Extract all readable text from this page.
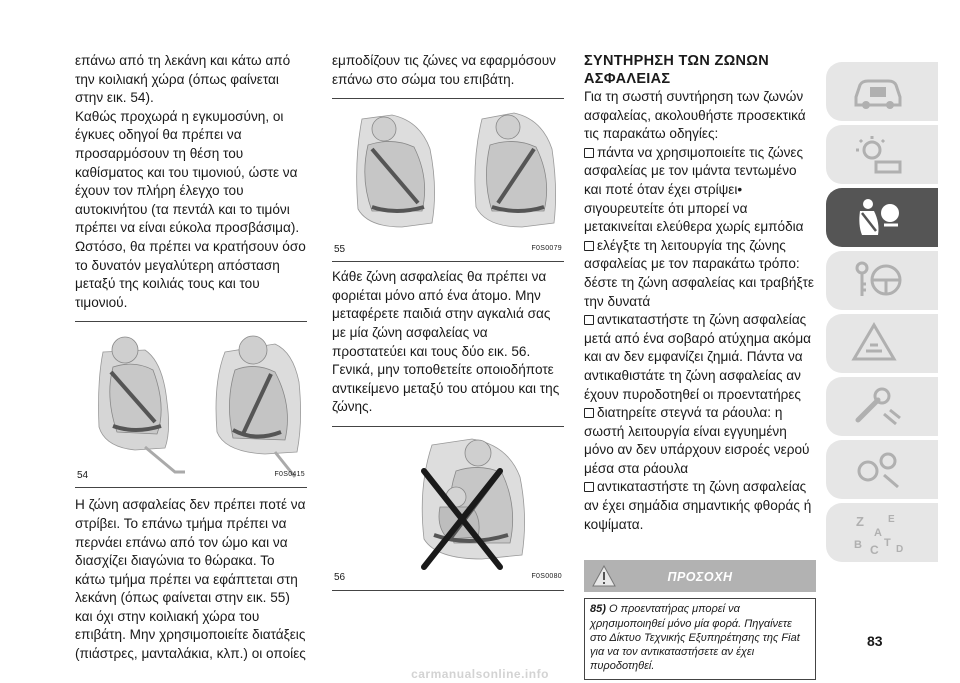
επάνω από τη λεκάνη και κάτω από την κοιλιακή χώρα (όπως φαίνεται στην εικ. 54).

Καθώς προχωρά η εγκυμοσύνη, οι έγκυες οδηγοί θα πρέπει να προσαρμόσουν τη θέση του καθίσματος και του τιμονιού, ώστε να έχουν τον πλήρη έλεγχο του αυτοκινήτου (τα πεντάλ και το τιμόνι πρέπει να είναι εύκολα προσβάσιμα).

Ωστόσο, θα πρέπει να κρατήσουν όσο το δυνατόν μεγαλύτερη απόσταση μεταξύ της κοιλιάς τους και του τιμονιού.

54	F0S0415

Η ζώνη ασφαλείας δεν πρέπει ποτέ να στρίβει. Το επάνω τμήμα πρέπει να περνάει επάνω από τον ώμο και να διασχίζει διαγώνια το θώρακα. Το κάτω τμήμα πρέπει να εφάπτεται στη λεκάνη (όπως φαίνεται στην εικ. 55) και όχι στην κοιλιακή χώρα του επιβάτη. Μην χρησιμοποιείτε διατάξεις (πιάστρες, μανταλάκια, κλπ.) οι οποίες

εμποδίζουν τις ζώνες να εφαρμόσουν επάνω στο σώμα του επιβάτη.

55	F0S0079

Κάθε ζώνη ασφαλείας θα πρέπει να φοριέται μόνο από ένα άτομο. Μην μεταφέρετε παιδιά στην αγκαλιά σας με μία ζώνη ασφαλείας να προστατεύει και τους δύο εικ. 56. Γενικά, μην τοποθετείτε οποιοδήποτε αντικείμενο μεταξύ του ατόμου και της ζώνης.

56	F0S0080
ΣΥΝΤΗΡΗΣΗ ΤΩΝ ΖΩΝΩΝ ΑΣΦΑΛΕΙΑΣ

Για τη σωστή συντήρηση των ζωνών ασφαλείας, ακολουθήστε προσεκτικά τις παρακάτω οδηγίες:

πάντα να χρησιμοποιείτε τις ζώνες ασφαλείας με τον ιμάντα τεντωμένο και ποτέ όταν έχει στρίψει• σιγουρευτείτε ότι μπορεί να μετακινείται ελεύθερα χωρίς εμπόδια

ελέγξτε τη λειτουργία της ζώνης ασφαλείας με τον παρακάτω τρόπο: δέστε τη ζώνη ασφαλείας και τραβήξτε την δυνατά

αντικαταστήστε τη ζώνη ασφαλείας μετά από ένα σοβαρό ατύχημα ακόμα και αν δεν εμφανίζει ζημιά. Πάντα να αντικαθιστάτε τη ζώνη ασφαλείας αν έχουν πυροδοτηθεί οι προεντατήρες

διατηρείτε στεγνά τα ράουλα: η σωστή λειτουργία είναι εγγυημένη μόνο αν δεν υπάρχουν εισροές νερού μέσα στα ράουλα

αντικαταστήστε τη ζώνη ασφαλείας αν έχει σημάδια σημαντικής φθοράς ή κοψίματα.

ΠΡΟΣΟΧΗ
85) Ο προεντατήρας μπορεί να χρησιμοποιηθεί μόνο μία φορά. Πηγαίνετε στο Δίκτυο Τεχνικής Εξυπηρέτησης της Fiat για να τον αντικαταστήσετε αν έχει πυροδοτηθεί.
Z E
A
B C T
D
83
carmanualsonline.info
